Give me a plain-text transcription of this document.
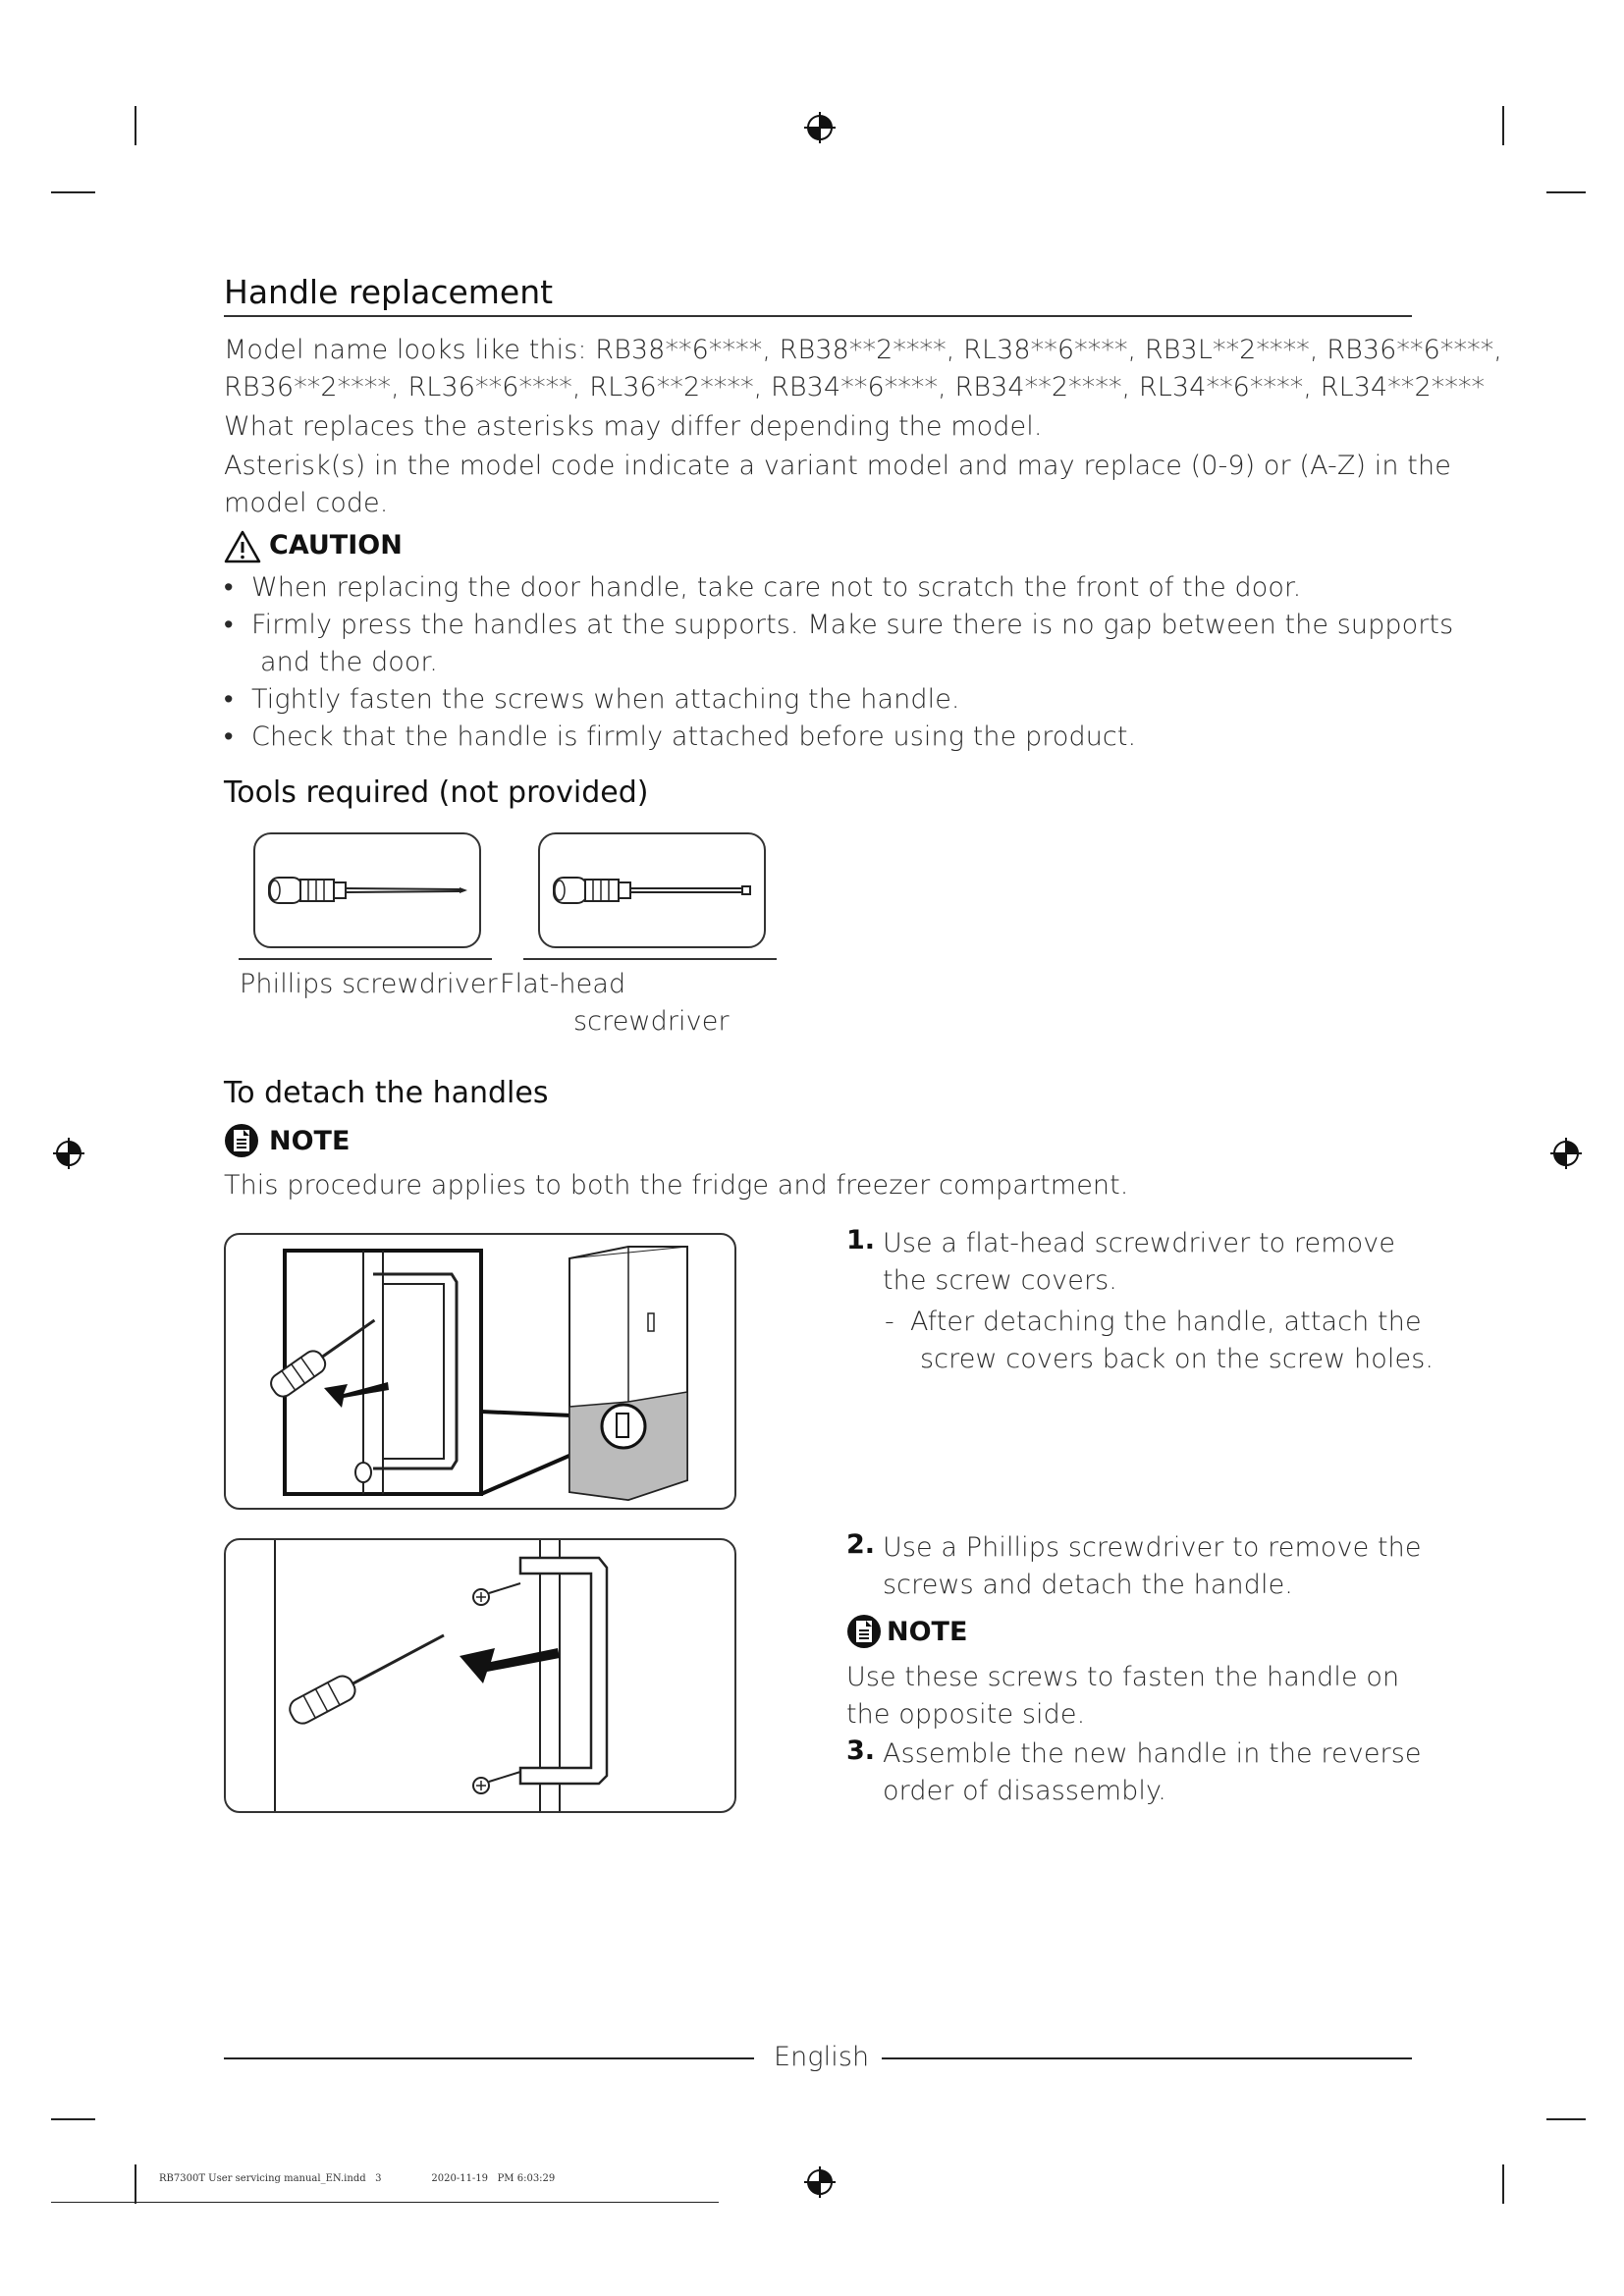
Handle replacement
Model name looks like this: RB38**6****, RB38**2****, RL38**6****, RB3L**2****, RB36**6****,
RB36**2****, RL36**6****, RL36**2****, RB34**6****, RB34**2****, RL34**6****, RL34**2****
What replaces the asterisks may differ depending the model.
Asterisk(s) in the model code indicate a variant model and may replace (0-9) or (A-Z) in the
model code.
CAUTION
• When replacing the door handle, take care not to scratch the front of the door.
• Firmly press the handles at the supports. Make sure there is no gap between the supports
and the door.
• Tightly fasten the screws when attaching the handle.
• Check that the handle is firmly attached before using the product.
Tools required (not provided)
Phillips screwdriver Flat-head
screwdriver
To detach the handles
NOTE
This procedure applies to both the fridge and freezer compartment.
1. Use a flat-head screwdriver to remove
the screw covers.
- After detaching the handle, attach the
screw covers back on the screw holes.
2. Use a Phillips screwdriver to remove the
screws and detach the handle.
NOTE
Use these screws to fasten the handle on
the opposite side.
3. Assemble the new handle in the reverse
order of disassembly.
English
RB7300T User servicing manual_EN.indd   3                2020-11-19   PM 6:03:29
